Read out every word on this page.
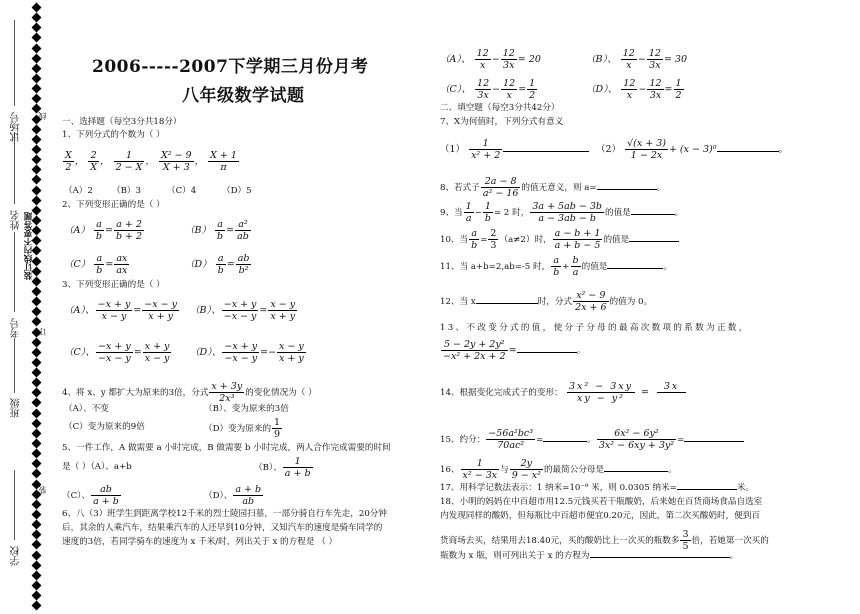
学校
班级
考号
姓名
试场号 线
订
装
装订线内不要答题
2006-----2007下学期三月份月考
八年级数学试题
一、选择题（每空3分共18分）
1、下列分式的个数为（ ）
$\frac{X}{2}$ ， $\frac{2}{X}$ ， $\frac{1}{2 - X}$ ， $\frac{\text{X² − 9}}{X + 3}$ ， $\frac{X + 1}{\pi}$
（A）2 （B）3	（C）4	（D）5
2、下列变形正确的是（ ）
$(A) \frac{a}{b} = \frac{a + 2}{b + 2}$	$(B) \frac{a}{b} = \frac{\text{a²}}{ab}$
$(C) \frac{a}{b} = \frac{ax}{ax}$	$(D) \frac{a}{b} = \frac{ab}{\text{b²}}$
3、下列变形正确的是（ ）
（A）、 $\frac{-x + y}{x - y} = \frac{-x - y}{x + y} (B)$、 $\frac{-x + y}{-x - y} = \frac{x - y}{x + y}$
（C）、 $\frac{-x + y}{-x - y} = \frac{x + y}{x - y} (D)$、 $\frac{-x + y}{-x - y} =- \frac{x - y}{x + y}$
4、将 x、y 都扩大为原来的3倍，分式 $\frac{x + 3y}{\text{2x³}}$ 的变化情况为（ ）
（A）、不变	（B）、变为原来的3倍
（C）变为原来的9倍	（D）变为原来的 $\frac{1}{9}$
5、一件工作，A 做需要 a 小时完成，B 做需要 b 小时完成，两人合作完成需要的时间
是（ ）（A）、a+b	（B）、 $\frac{1}{a + b}$
（C）、 $\frac{ab}{a + b}$	（D）、 $\frac{a + b}{ab}$
6、八（3）班学生到距离学校12千米的烈士陵园扫墓，一部分骑自行车先走，20分钟
后，其余的人乘汽车，结果乘汽车的人还早到10分钟，又知汽车的速度是骑车同学的
速度的3倍，若同学骑车的速度为 x 千米/时，列出关于 x 的方程是 （ ）
（A）、 $\frac{12}{x} - \frac{12}{3x} = 20$	（B）、 $\frac{12}{x} - \frac{12}{3x} = 30$
（C）、 $\frac{12}{3x} - \frac{12}{x} = \frac{1}{2}$	（D）、 $\frac{12}{x} - \frac{12}{3x} = \frac{1}{2}$
二、填空题（每空3分共42分）
7、X为何值时，下列分式有意义
$(1) \frac{1}{\text{x² + 2}}$	$(2) \frac{√(x + 3)}{1 - 2x} + (x - 3)^0$	。
8、若式子 $\frac{2a - 8}{\text{a² − 16}}$ 的值无意义，则 a=	。
9、当 $\frac{1}{a} - \frac{1}{b} = 2$ 时， $\frac{3a + 5ab - 3b}{a - 3ab - b}$ 的值是	。
10、当 $\frac{a}{b} = \frac{2}{3} (a\ne 2)$时， $\frac{a - b + 1}{a + b - 5}$ 的值是
11、当 a+b=2,ab=-5 时， $\frac{a}{b} + \frac{b}{a}$ 的值是	。
12、当 x	时，分式 $\frac{\text{x² − 9}}{2x + 6}$ 的值为 0。
13、不改变分式的值，使分子分母的最高次数项的系数为正数，
$\frac{\text{5 − 2y + 2y²}}{\text{−x² + 2x + 2}}$ =	。
14、根据变化完成式子的变形： $\frac{\text{3x² − 3xy}}{\text{xy − y²}}$ =
3x

15、约分： $\frac{\text{−56a²bc³}}{\text{70ac²}}$ =	。 $\frac{\text{6x² − 6y²}}{\text{3x² − 6xy + 3y²}}$ =
16、 $\frac{1}{\text{x² − 3x}}$ 与 $\frac{2y}{\text{9 − x²}}$ 的最简公分母是	。
17、用科学记数法表示：1 纳米=10⁻⁹ 米，则 0.0305 纳米=	米。
18、小明的妈妈在中百超市用12.5元钱买若干瓶酸奶，后来她在百货商场食品自选室
内发现同样的酸奶，但每瓶比中百超市便宜0.20元，因此，第二次买酸奶时，便到百
货商场去买，结果用去18.40元，买的酸奶比上一次买的瓶数多 $\frac{3}{5}$ 倍，若她第一次买的
瓶数为 x 瓶，则可列出关于 x 的方程为	。
